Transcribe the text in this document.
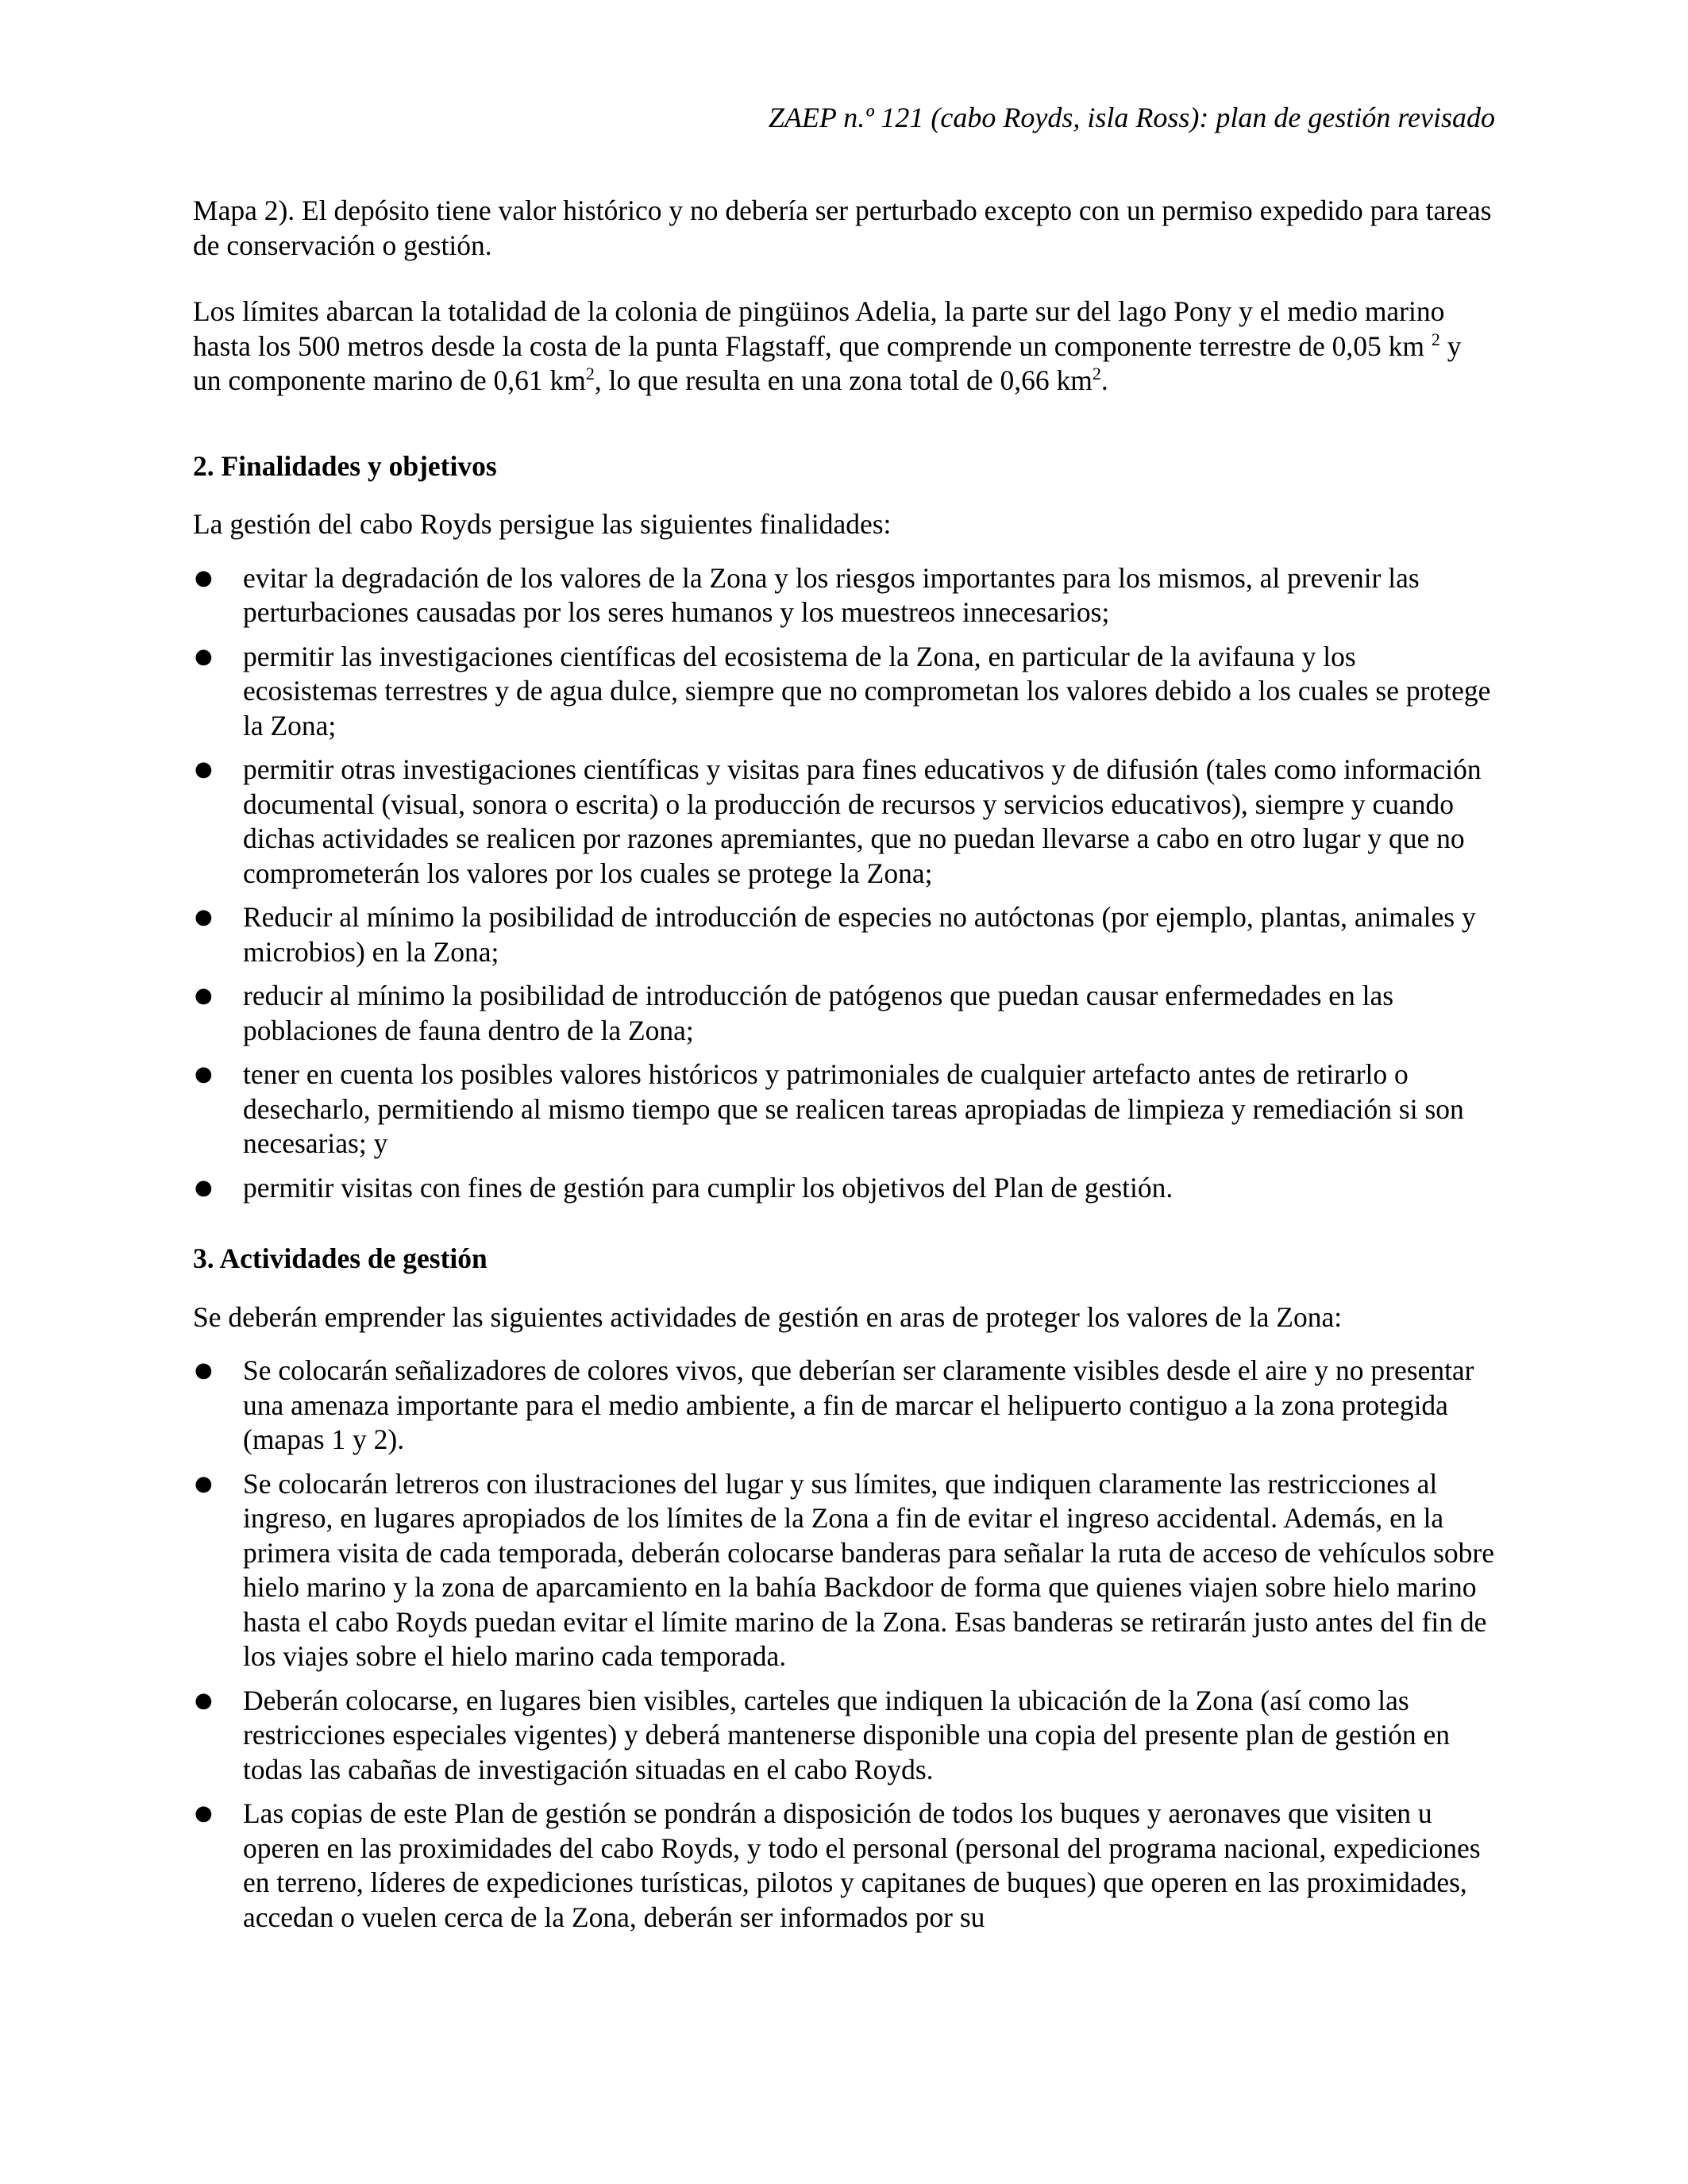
ZAEP n.º 121 (cabo Royds, isla Ross): plan de gestión revisado

Mapa 2). El depósito tiene valor histórico y no debería ser perturbado excepto con un permiso expedido para tareas de conservación o gestión.

Los límites abarcan la totalidad de la colonia de pingüinos Adelia, la parte sur del lago Pony y el medio marino hasta los 500 metros desde la costa de la punta Flagstaff, que comprende un componente terrestre de 0,05 km $^2$ y un componente marino de 0,61 $km^2$, lo que resulta en una zona total de 0,66 $km^2$.

2. Finalidades y objetivos

La gestión del cabo Royds persigue las siguientes finalidades:

● evitar la degradación de los valores de la Zona y los riesgos importantes para los mismos, al prevenir las perturbaciones causadas por los seres humanos y los muestreos innecesarios;
● permitir las investigaciones científicas del ecosistema de la Zona, en particular de la avifauna y los ecosistemas terrestres y de agua dulce, siempre que no comprometan los valores debido a los cuales se protege la Zona;
● permitir otras investigaciones científicas y visitas para fines educativos y de difusión (tales como información documental (visual, sonora o escrita) o la producción de recursos y servicios educativos), siempre y cuando dichas actividades se realicen por razones apremiantes, que no puedan llevarse a cabo en otro lugar y que no comprometerán los valores por los cuales se protege la Zona;
● Reducir al mínimo la posibilidad de introducción de especies no autóctonas (por ejemplo, plantas, animales y microbios) en la Zona;
● reducir al mínimo la posibilidad de introducción de patógenos que puedan causar enfermedades en las poblaciones de fauna dentro de la Zona;
● tener en cuenta los posibles valores históricos y patrimoniales de cualquier artefacto antes de retirarlo o desecharlo, permitiendo al mismo tiempo que se realicen tareas apropiadas de limpieza y remediación si son necesarias; y
● permitir visitas con fines de gestión para cumplir los objetivos del Plan de gestión.
3. Actividades de gestión

Se deberán emprender las siguientes actividades de gestión en aras de proteger los valores de la Zona:

● Se colocarán señalizadores de colores vivos, que deberían ser claramente visibles desde el aire y no presentar una amenaza importante para el medio ambiente, a fin de marcar el helipuerto contiguo a la zona protegida (mapas 1 y 2).
● Se colocarán letreros con ilustraciones del lugar y sus límites, que indiquen claramente las restricciones al ingreso, en lugares apropiados de los límites de la Zona a fin de evitar el ingreso accidental. Además, en la primera visita de cada temporada, deberán colocarse banderas para señalar la ruta de acceso de vehículos sobre hielo marino y la zona de aparcamiento en la bahía Backdoor de forma que quienes viajen sobre hielo marino hasta el cabo Royds puedan evitar el límite marino de la Zona. Esas banderas se retirarán justo antes del fin de los viajes sobre el hielo marino cada temporada.
● Deberán colocarse, en lugares bien visibles, carteles que indiquen la ubicación de la Zona (así como las restricciones especiales vigentes) y deberá mantenerse disponible una copia del presente plan de gestión en todas las cabañas de investigación situadas en el cabo Royds.
● Las copias de este Plan de gestión se pondrán a disposición de todos los buques y aeronaves que visiten u operen en las proximidades del cabo Royds, y todo el personal (personal del programa nacional, expediciones en terreno, líderes de expediciones turísticas, pilotos y capitanes de buques) que operen en las proximidades, accedan o vuelen cerca de la Zona, deberán ser informados por su
